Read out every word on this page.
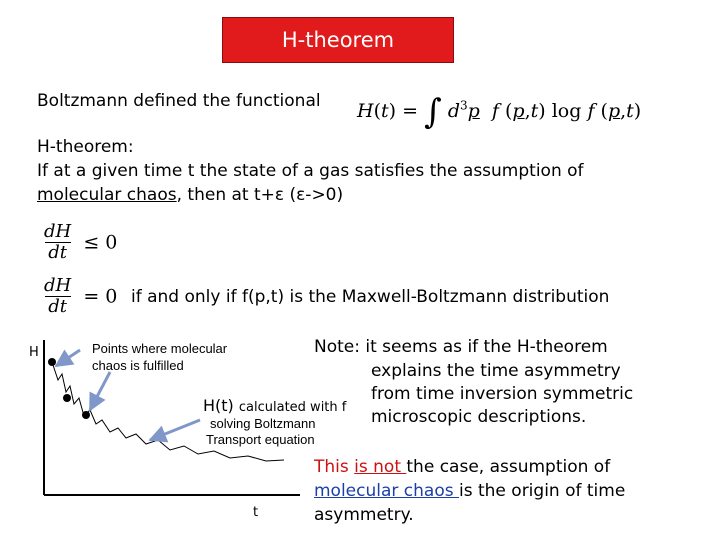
H-theorem
Boltzmann defined the functional H(t) = ∫ $d^3p$ f (p,t) log f (p,t)
H-theorem:
If at a given time t the state of a gas satisfies the assumption of
molecular chaos, then at t+ε (ε->0)
$\frac{dH}{dt} \le 0$
$\frac{dH}{dt} = 0$ if and only if f(p,t) is the Maxwell-Boltzmann distribution
H
t
Points where molecular
chaos is fulfilled
H(t) calculated with f
solving Boltzmann
Transport equation
Note: it seems as if the H-theorem
explains the time asymmetry
from time inversion symmetric
microscopic descriptions.
This is not the case, assumption of
molecular chaos is the origin of time
asymmetry.
